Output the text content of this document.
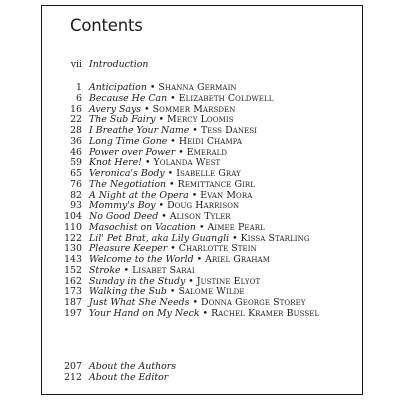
Contents
vii Introduction
1 Anticipation • Shanna Germain
6 Because He Can • Elizabeth Coldwell
16 Avery Says • Sommer Marsden
22 The Sub Fairy • Mercy Loomis
28 I Breathe Your Name • Tess Danesi
36 Long Time Gone • Heidi Champa
46 Power over Power • Emerald
59 Knot Here! • Yolanda West
65 Veronica's Body • Isabelle Gray
76 The Negotiation • Remittance Girl
82 A Night at the Opera • Evan Mora
93 Mommy's Boy • Doug Harrison
104 No Good Deed • Alison Tyler
110 Masochist on Vacation • Aimee Pearl
122 Lil' Pet Brat, aka Lily Guangli • Kissa Starling
130 Pleasure Keeper • Charlotte Stein
143 Welcome to the World • Ariel Graham
152 Stroke • Lisabet Sarai
162 Sunday in the Study • Justine Elyot
173 Walking the Sub • Salome Wilde
187 Just What She Needs • Donna George Storey
197 Your Hand on My Neck • Rachel Kramer Bussel
207 About the Authors
212 About the Editor
